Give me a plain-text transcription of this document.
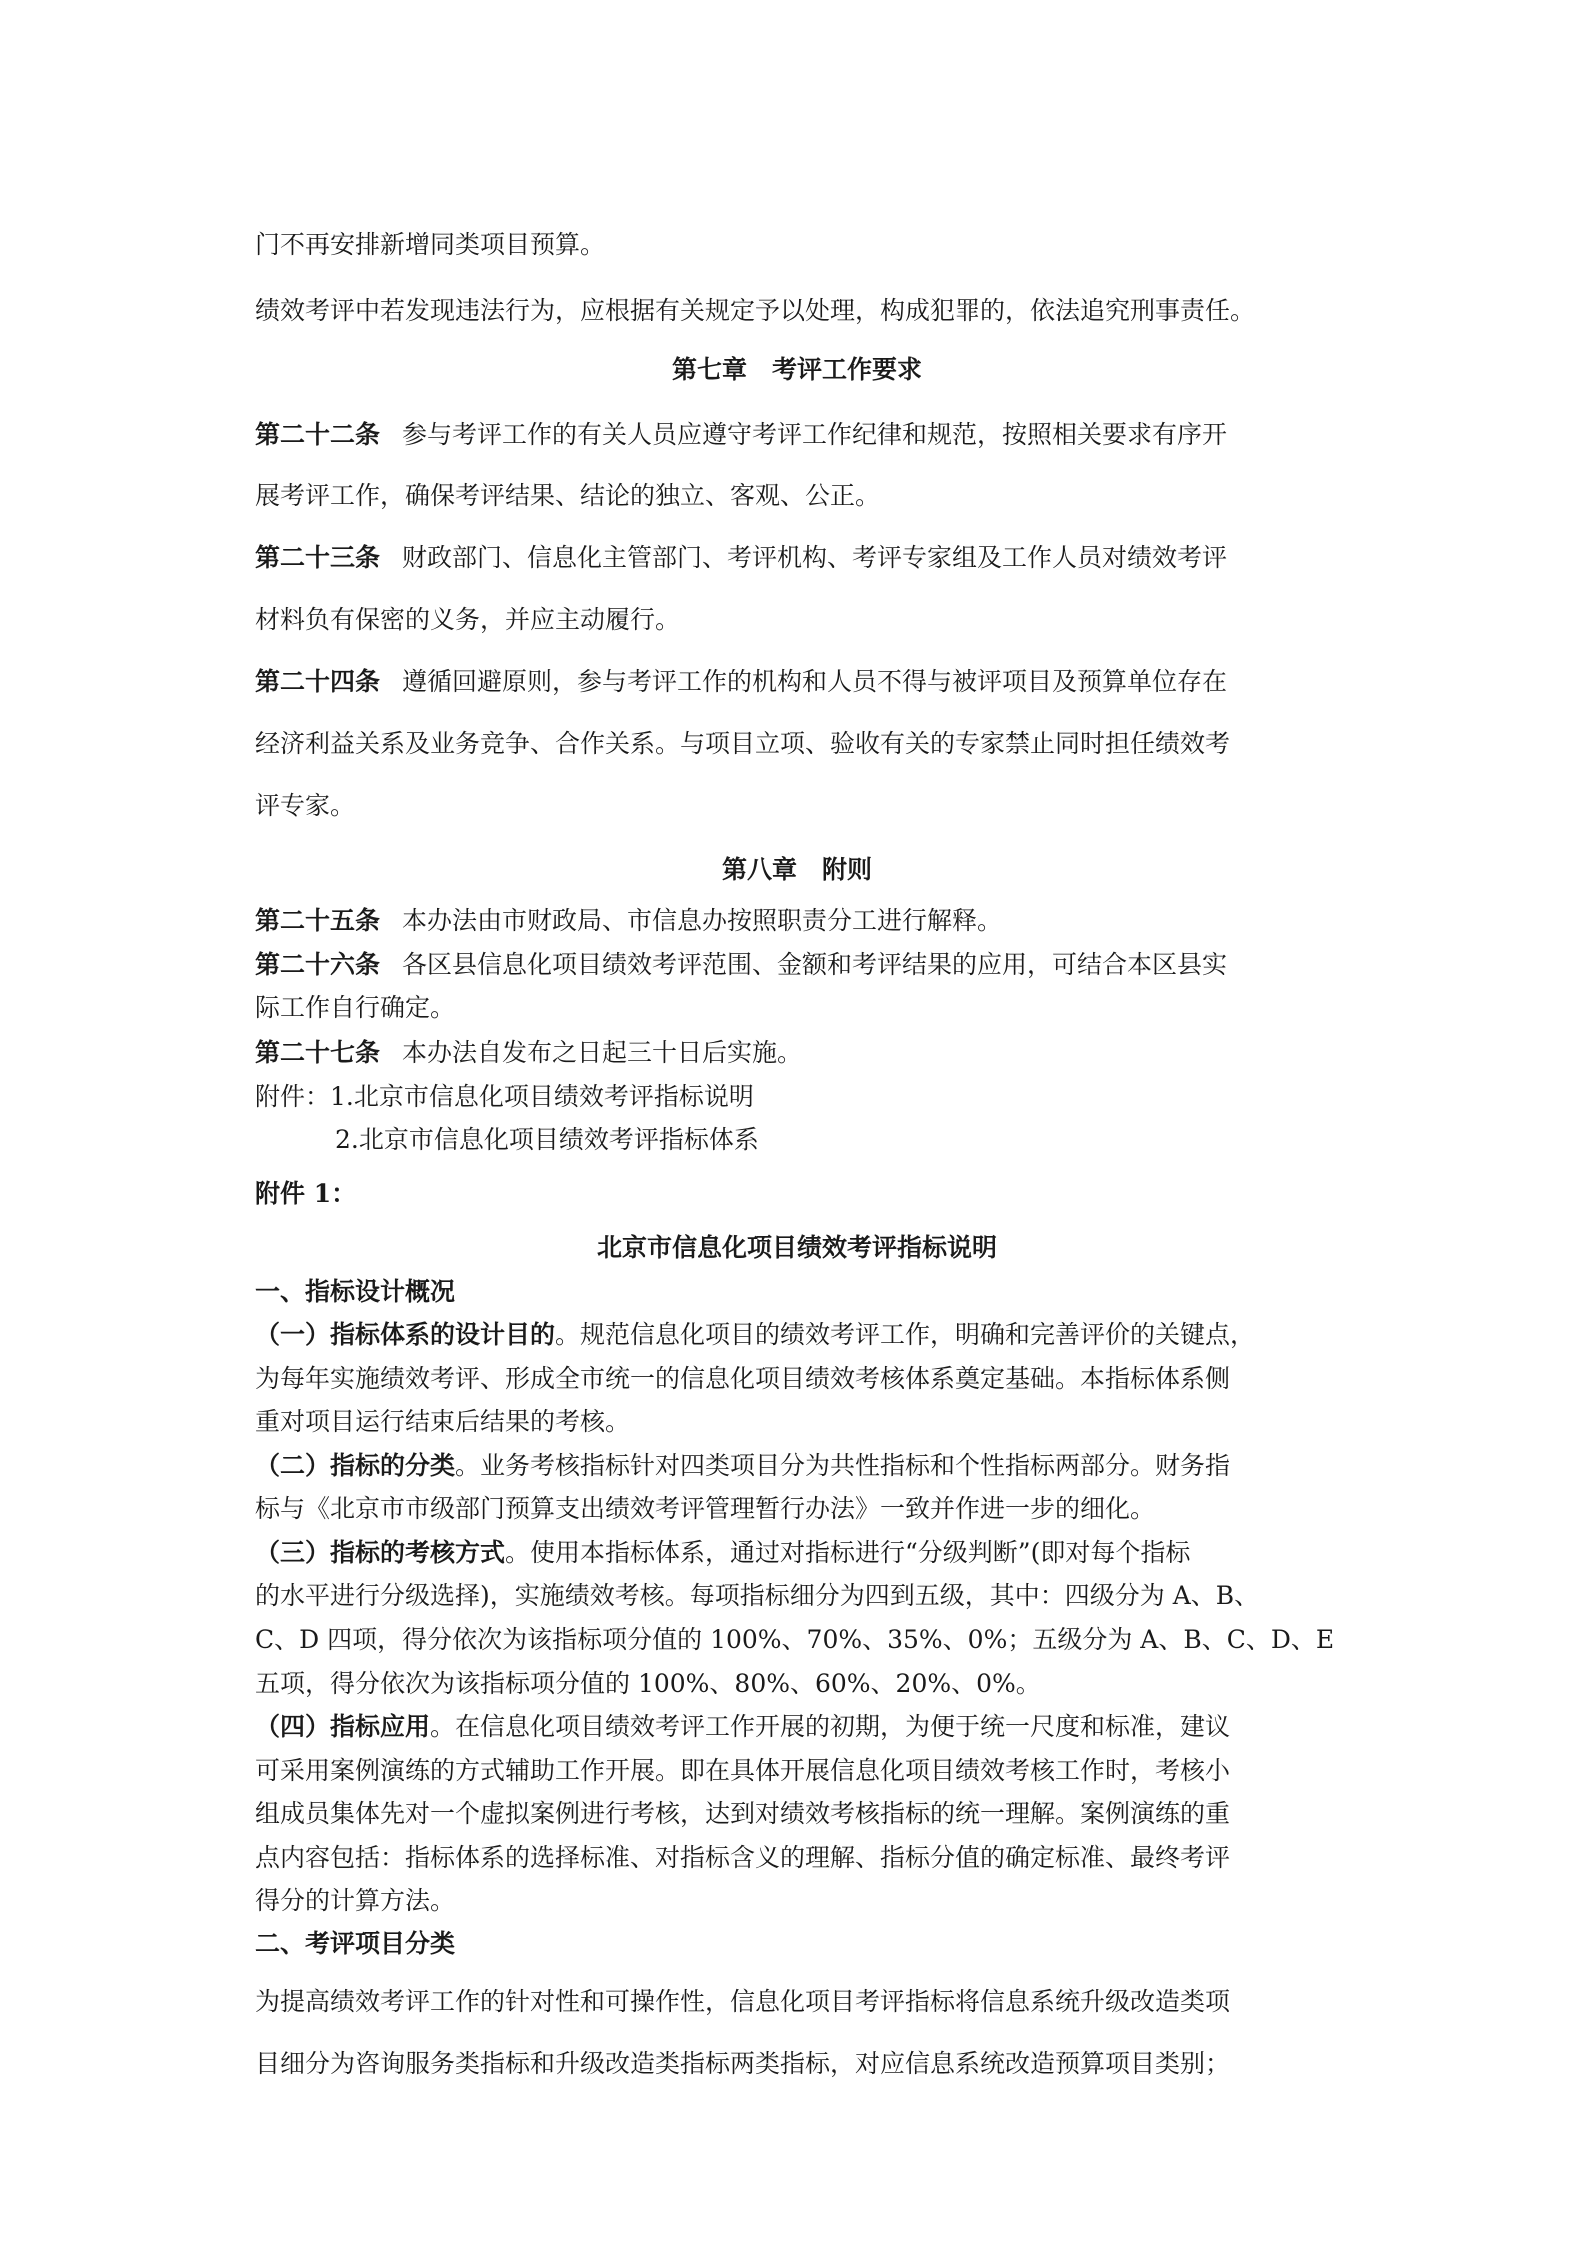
门不再安排新增同类项目预算。
绩效考评中若发现违法行为，应根据有关规定予以处理，构成犯罪的，依法追究刑事责任。
第七章　考评工作要求
第二十二条 参与考评工作的有关人员应遵守考评工作纪律和规范，按照相关要求有序开
展考评工作，确保考评结果、结论的独立、客观、公正。
第二十三条 财政部门、信息化主管部门、考评机构、考评专家组及工作人员对绩效考评
材料负有保密的义务，并应主动履行。
第二十四条 遵循回避原则，参与考评工作的机构和人员不得与被评项目及预算单位存在
经济利益关系及业务竞争、合作关系。与项目立项、验收有关的专家禁止同时担任绩效考
评专家。
第八章　附则
第二十五条 本办法由市财政局、市信息办按照职责分工进行解释。
第二十六条 各区县信息化项目绩效考评范围、金额和考评结果的应用，可结合本区县实
际工作自行确定。
第二十七条 本办法自发布之日起三十日后实施。
附件：1.北京市信息化项目绩效考评指标说明
2.北京市信息化项目绩效考评指标体系
附件 1：
北京市信息化项目绩效考评指标说明
一、指标设计概况
（一）指标体系的设计目的。规范信息化项目的绩效考评工作，明确和完善评价的关键点，
为每年实施绩效考评、形成全市统一的信息化项目绩效考核体系奠定基础。本指标体系侧
重对项目运行结束后结果的考核。
（二）指标的分类。业务考核指标针对四类项目分为共性指标和个性指标两部分。财务指
标与《北京市市级部门预算支出绩效考评管理暂行办法》一致并作进一步的细化。
（三）指标的考核方式。使用本指标体系，通过对指标进行“分级判断”(即对每个指标
的水平进行分级选择)，实施绩效考核。每项指标细分为四到五级，其中：四级分为 A、B、
C、D 四项，得分依次为该指标项分值的 100%、70%、35%、0%；五级分为 A、B、C、D、E
五项，得分依次为该指标项分值的 100%、80%、60%、20%、0%。
（四）指标应用。在信息化项目绩效考评工作开展的初期，为便于统一尺度和标准，建议
可采用案例演练的方式辅助工作开展。即在具体开展信息化项目绩效考核工作时，考核小
组成员集体先对一个虚拟案例进行考核，达到对绩效考核指标的统一理解。案例演练的重
点内容包括：指标体系的选择标准、对指标含义的理解、指标分值的确定标准、最终考评
得分的计算方法。
二、考评项目分类
为提高绩效考评工作的针对性和可操作性，信息化项目考评指标将信息系统升级改造类项
目细分为咨询服务类指标和升级改造类指标两类指标，对应信息系统改造预算项目类别；
